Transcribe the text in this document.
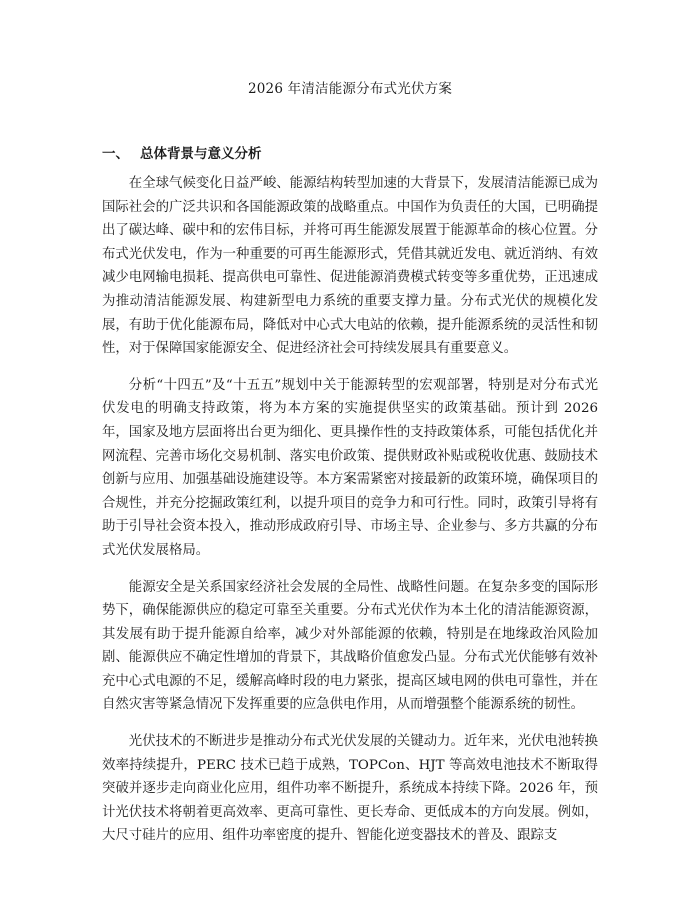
2026 年清洁能源分布式光伏方案
一、 总体背景与意义分析

在全球气候变化日益严峻、能源结构转型加速的大背景下，发展清洁能源已成为国际社会的广泛共识和各国能源政策的战略重点。中国作为负责任的大国，已明确提出了碳达峰、碳中和的宏伟目标，并将可再生能源发展置于能源革命的核心位置。分布式光伏发电，作为一种重要的可再生能源形式，凭借其就近发电、就近消纳、有效减少电网输电损耗、提高供电可靠性、促进能源消费模式转变等多重优势，正迅速成为推动清洁能源发展、构建新型电力系统的重要支撑力量。分布式光伏的规模化发展，有助于优化能源布局，降低对中心式大电站的依赖，提升能源系统的灵活性和韧性，对于保障国家能源安全、促进经济社会可持续发展具有重要意义。

分析“十四五”及“十五五”规划中关于能源转型的宏观部署，特别是对分布式光伏发电的明确支持政策，将为本方案的实施提供坚实的政策基础。预计到 2026 年，国家及地方层面将出台更为细化、更具操作性的支持政策体系，可能包括优化并网流程、完善市场化交易机制、落实电价政策、提供财政补贴或税收优惠、鼓励技术创新与应用、加强基础设施建设等。本方案需紧密对接最新的政策环境，确保项目的合规性，并充分挖掘政策红利，以提升项目的竞争力和可行性。同时，政策引导将有助于引导社会资本投入，推动形成政府引导、市场主导、企业参与、多方共赢的分布式光伏发展格局。

能源安全是关系国家经济社会发展的全局性、战略性问题。在复杂多变的国际形势下，确保能源供应的稳定可靠至关重要。分布式光伏作为本土化的清洁能源资源，其发展有助于提升能源自给率，减少对外部能源的依赖，特别是在地缘政治风险加剧、能源供应不确定性增加的背景下，其战略价值愈发凸显。分布式光伏能够有效补充中心式电源的不足，缓解高峰时段的电力紧张，提高区域电网的供电可靠性，并在自然灾害等紧急情况下发挥重要的应急供电作用，从而增强整个能源系统的韧性。

光伏技术的不断进步是推动分布式光伏发展的关键动力。近年来，光伏电池转换效率持续提升，PERC 技术已趋于成熟，TOPCon、HJT 等高效电池技术不断取得突破并逐步走向商业化应用，组件功率不断提升，系统成本持续下降。2026 年，预计光伏技术将朝着更高效率、更高可靠性、更长寿命、更低成本的方向发展。例如，大尺寸硅片的应用、组件功率密度的提升、智能化逆变器技术的普及、跟踪支
